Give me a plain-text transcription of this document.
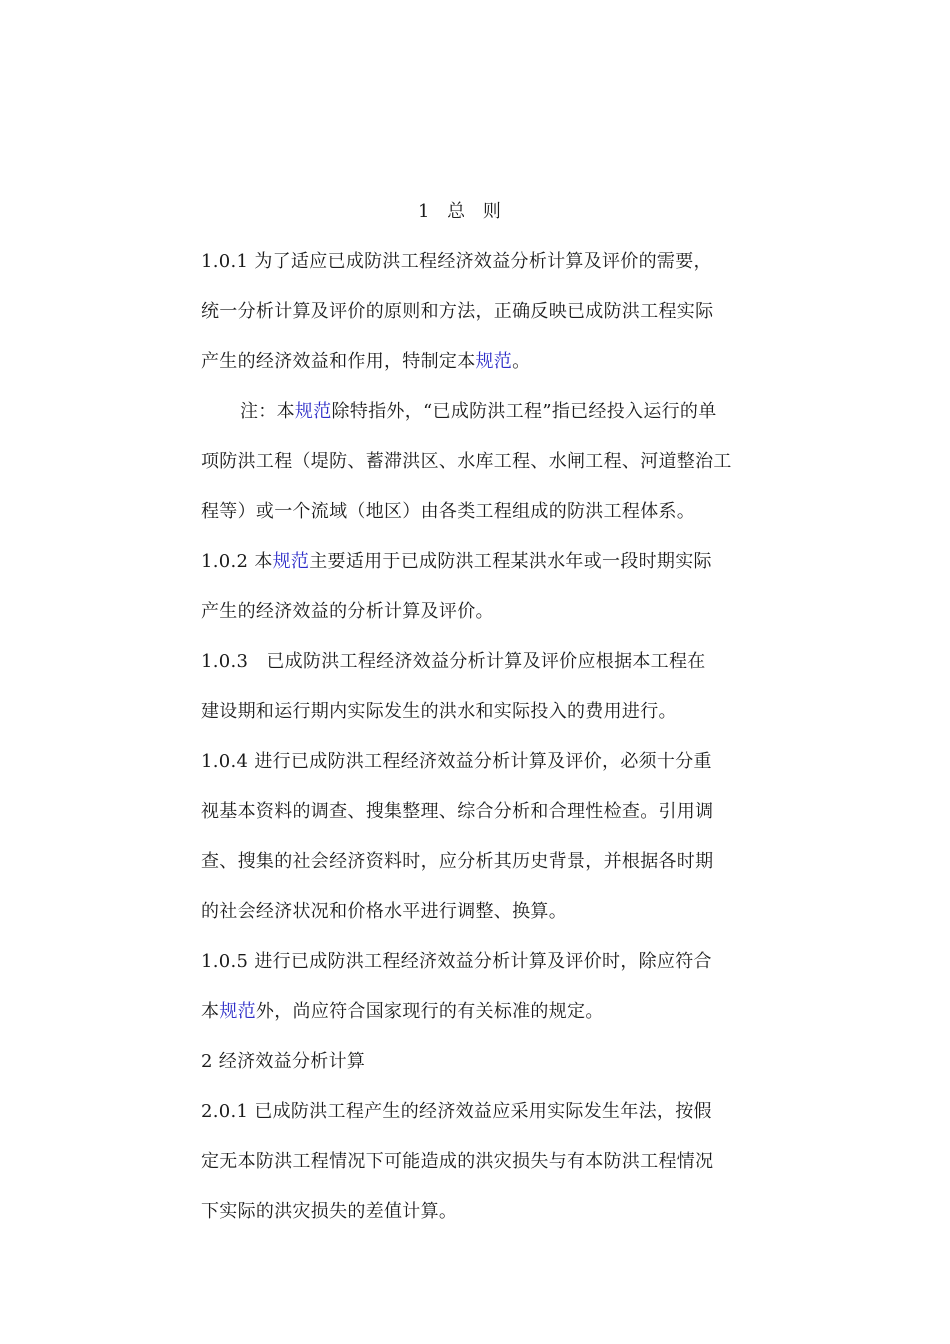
1 总 则
1.0.1 为了适应已成防洪工程经济效益分析计算及评价的需要，
统一分析计算及评价的原则和方法，正确反映已成防洪工程实际
产生的经济效益和作用，特制定本规范。
注：本规范除特指外，“已成防洪工程”指已经投入运行的单
项防洪工程（堤防、蓄滞洪区、水库工程、水闸工程、河道整治工
程等）或一个流域（地区）由各类工程组成的防洪工程体系。
1.0.2 本规范主要适用于已成防洪工程某洪水年或一段时期实际
产生的经济效益的分析计算及评价。
1.0.3   已成防洪工程经济效益分析计算及评价应根据本工程在
建设期和运行期内实际发生的洪水和实际投入的费用进行。
1.0.4 进行已成防洪工程经济效益分析计算及评价，必须十分重
视基本资料的调查、搜集整理、综合分析和合理性检查。引用调
查、搜集的社会经济资料时，应分析其历史背景，并根据各时期
的社会经济状况和价格水平进行调整、换算。
1.0.5 进行已成防洪工程经济效益分析计算及评价时，除应符合
本规范外，尚应符合国家现行的有关标准的规定。
2 经济效益分析计算
2.0.1 已成防洪工程产生的经济效益应采用实际发生年法，按假
定无本防洪工程情况下可能造成的洪灾损失与有本防洪工程情况
下实际的洪灾损失的差值计算。
